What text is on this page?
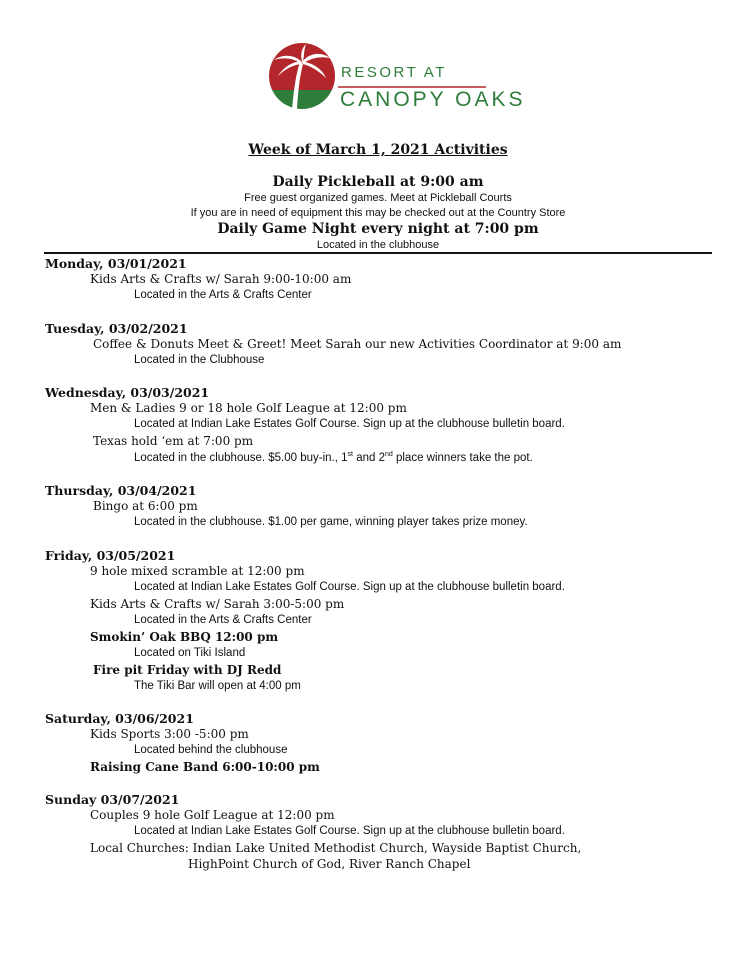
RESORT AT
CANOPY OAKS
Week of March 1, 2021 Activities
Daily Pickleball at 9:00 am
Free guest organized games. Meet at Pickleball Courts
If you are in need of equipment this may be checked out at the Country Store
Daily Game Night every night at 7:00 pm
Located in the clubhouse
Monday, 03/01/2021
Kids Arts & Crafts w/ Sarah 9:00-10:00 am
Located in the Arts & Crafts Center
Tuesday, 03/02/2021
Coffee & Donuts Meet & Greet! Meet Sarah our new Activities Coordinator at 9:00 am
Located in the Clubhouse
Wednesday, 03/03/2021
Men & Ladies 9 or 18 hole Golf League at 12:00 pm
Located at Indian Lake Estates Golf Course. Sign up at the clubhouse bulletin board.
Texas hold ‘em at 7:00 pm
Located in the clubhouse. $5.00 buy-in., 1st and 2nd place winners take the pot.
Thursday, 03/04/2021
Bingo at 6:00 pm
Located in the clubhouse. $1.00 per game, winning player takes prize money.
Friday, 03/05/2021
9 hole mixed scramble at 12:00 pm
Located at Indian Lake Estates Golf Course. Sign up at the clubhouse bulletin board.
Kids Arts & Crafts w/ Sarah 3:00-5:00 pm
Located in the Arts & Crafts Center
Smokin’ Oak BBQ 12:00 pm
Located on Tiki Island
Fire pit Friday with DJ Redd
The Tiki Bar will open at 4:00 pm
Saturday, 03/06/2021
Kids Sports 3:00 -5:00 pm
Located behind the clubhouse
Raising Cane Band 6:00-10:00 pm
Sunday 03/07/2021
Couples 9 hole Golf League at 12:00 pm
Located at Indian Lake Estates Golf Course. Sign up at the clubhouse bulletin board.
Local Churches: Indian Lake United Methodist Church, Wayside Baptist Church,
HighPoint Church of God, River Ranch Chapel
